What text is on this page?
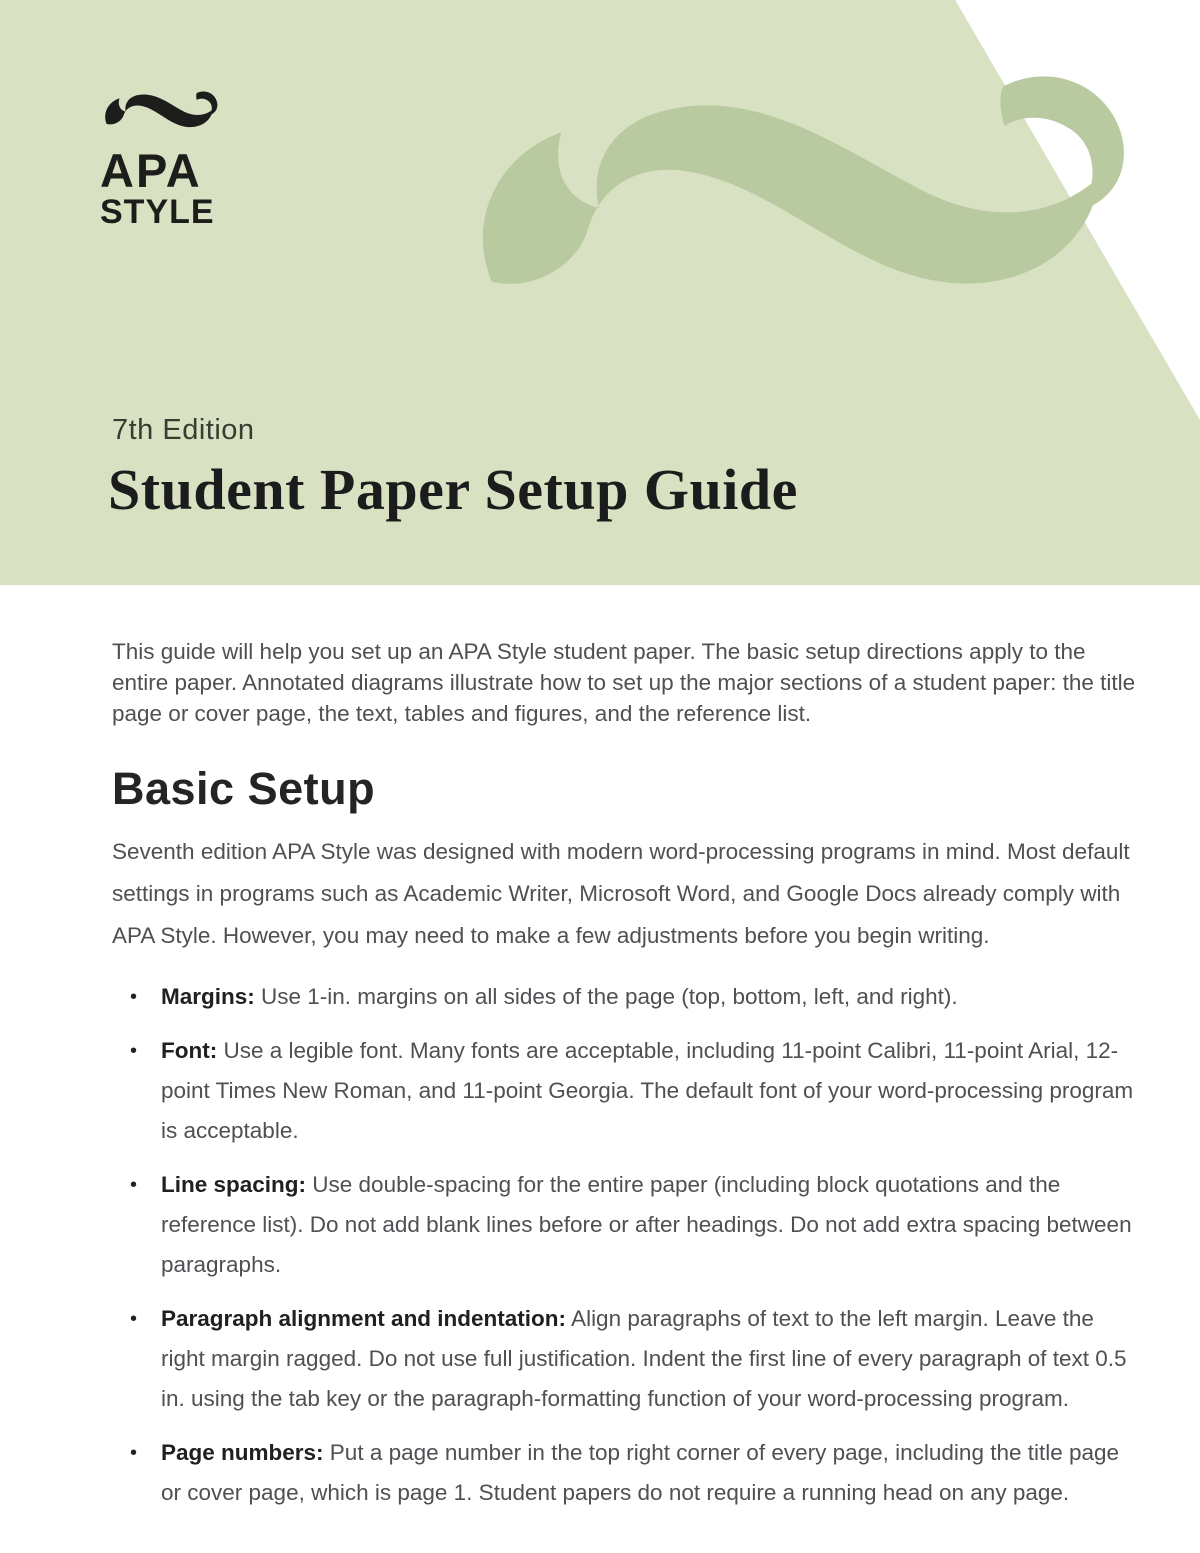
APA
STYLE
7th Edition
Student Paper Setup Guide

This guide will help you set up an APA Style student paper. The basic setup directions apply to the entire paper. Annotated diagrams illustrate how to set up the major sections of a student paper: the title page or cover page, the text, tables and figures, and the reference list.

Basic Setup

Seventh edition APA Style was designed with modern word-processing programs in mind. Most default settings in programs such as Academic Writer, Microsoft Word, and Google Docs already comply with APA Style. However, you may need to make a few adjustments before you begin writing.

• Margins: Use 1-in. margins on all sides of the page (top, bottom, left, and right).
• Font: Use a legible font. Many fonts are acceptable, including 11-point Calibri, 11-point Arial, 12-point Times New Roman, and 11-point Georgia. The default font of your word-processing program is acceptable.
• Line spacing: Use double-spacing for the entire paper (including block quotations and the reference list). Do not add blank lines before or after headings. Do not add extra spacing between paragraphs.
• Paragraph alignment and indentation: Align paragraphs of text to the left margin. Leave the right margin ragged. Do not use full justification. Indent the first line of every paragraph of text 0.5 in. using the tab key or the paragraph-formatting function of your word-processing program.
• Page numbers: Put a page number in the top right corner of every page, including the title page or cover page, which is page 1. Student papers do not require a running head on any page.
